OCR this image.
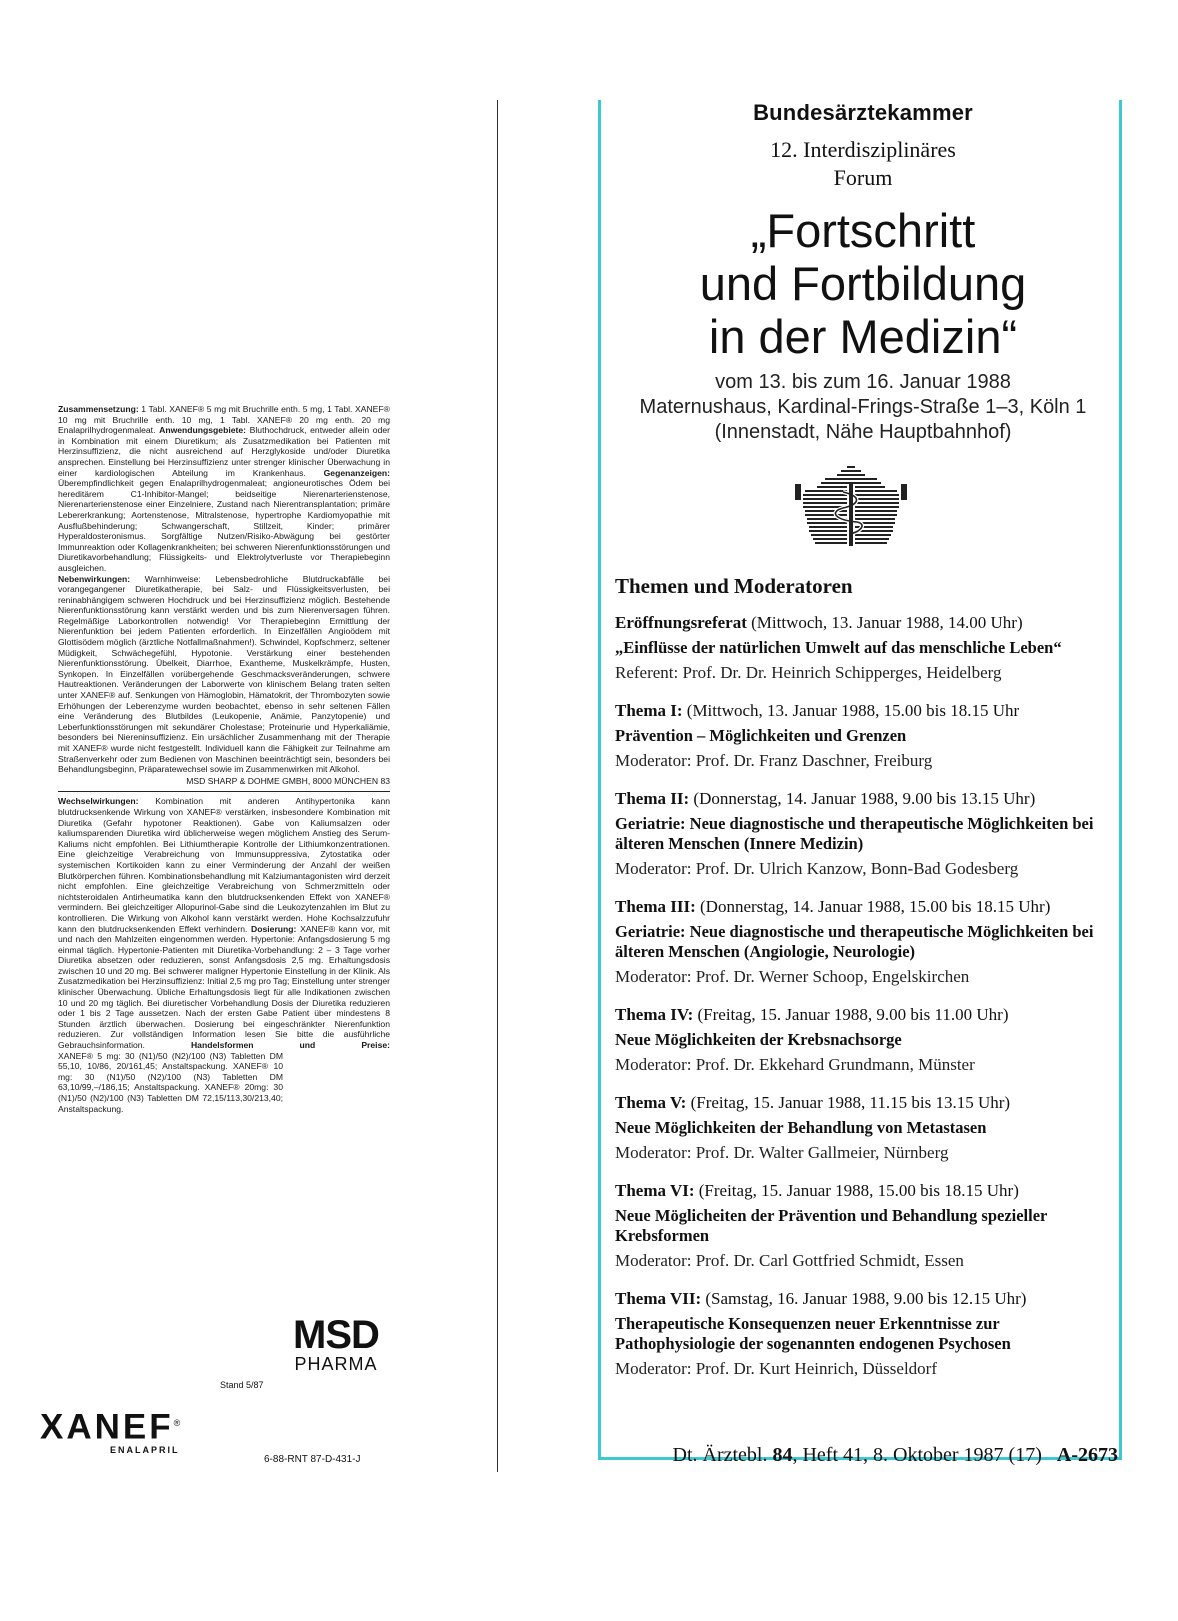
Zusammensetzung: 1 Tabl. XANEF® 5 mg mit Bruchrille enth. 5 mg, 1 Tabl. XANEF® 10 mg mit Bruchrille enth. 10 mg, 1 Tabl. XANEF® 20 mg enth. 20 mg Enalaprilhydrogenmaleat. Anwendungsgebiete: Bluthochdruck, entweder allein oder in Kombination mit einem Diuretikum; als Zusatzmedikation bei Patienten mit Herzinsuffizienz, die nicht ausreichend auf Herzglykoside und/oder Diuretika ansprechen. Einstellung bei Herzinsuffizienz unter strenger klinischer Überwachung in einer kardiologischen Abteilung im Krankenhaus. Gegenanzeigen: Überempfindlichkeit gegen Enalaprilhydrogenmaleat; angioneurotisches Ödem bei hereditärem C1-Inhibitor-Mangel; beidseitige Nierenarterienstenose, Nierenarterienstenose einer Einzelniere, Zustand nach Nierentransplantation; primäre Lebererkrankung; Aortenstenose, Mitralstenose, hypertrophe Kardiomyopathie mit Ausflußbehinderung; Schwangerschaft, Stillzeit, Kinder; primärer Hyperaldosteronismus. Sorgfältige Nutzen/Risiko-Abwägung bei gestörter Immunreaktion oder Kollagenkrankheiten; bei schweren Nierenfunktionsstörungen und Diuretikavorbehandlung; Flüssigkeits- und Elektrolytverluste vor Therapiebeginn ausgleichen.

Nebenwirkungen: Warnhinweise: Lebensbedrohliche Blutdruckabfälle bei vorangegangener Diuretikatherapie, bei Salz- und Flüssigkeitsverlusten, bei reninabhängigem schweren Hochdruck und bei Herzinsuffizienz möglich. Bestehende Nierenfunktionsstörung kann verstärkt werden und bis zum Nierenversagen führen. Regelmäßige Laborkontrollen notwendig! Vor Therapiebeginn Ermittlung der Nierenfunktion bei jedem Patienten erforderlich. In Einzelfällen Angioödem mit Glottisödem möglich (ärztliche Notfallmaßnahmen!). Schwindel, Kopfschmerz, seltener Müdigkeit, Schwächegefühl, Hypotonie. Verstärkung einer bestehenden Nierenfunktionsstörung. Übelkeit, Diarrhoe, Exantheme, Muskelkrämpfe, Husten, Synkopen. In Einzelfällen vorübergehende Geschmacksveränderungen, schwere Hautreaktionen. Veränderungen der Laborwerte von klinischem Belang traten selten unter XANEF® auf. Senkungen von Hämoglobin, Hämatokrit, der Thrombozyten sowie Erhöhungen der Leberenzyme wurden beobachtet, ebenso in sehr seltenen Fällen eine Veränderung des Blutbildes (Leukopenie, Anämie, Panzytopenie) und Leberfunktionsstörungen mit sekundärer Cholestase; Proteinurie und Hyperkaliämie, besonders bei Niereninsuffizienz. Ein ursächlicher Zusammenhang mit der Therapie mit XANEF® wurde nicht festgestellt. Individuell kann die Fähigkeit zur Teilnahme am Straßenverkehr oder zum Bedienen von Maschinen beeinträchtigt sein, besonders bei Behandlungsbeginn, Präparatewechsel sowie im Zusammenwirken mit Alkohol.

MSD SHARP & DOHME GMBH, 8000 MÜNCHEN 83

Wechselwirkungen: Kombination mit anderen Antihypertonika kann blutdrucksenkende Wirkung von XANEF® verstärken, insbesondere Kombination mit Diuretika (Gefahr hypotoner Reaktionen). Gabe von Kaliumsalzen oder kaliumsparenden Diuretika wird üblicherweise wegen möglichem Anstieg des Serum-Kaliums nicht empfohlen. Bei Lithiumtherapie Kontrolle der Lithiumkonzentrationen. Eine gleichzeitige Verabreichung von Immunsuppressiva, Zytostatika oder systemischen Kortikoiden kann zu einer Verminderung der Anzahl der weißen Blutkörperchen führen. Kombinationsbehandlung mit Kalziumantagonisten wird derzeit nicht empfohlen. Eine gleichzeitige Verabreichung von Schmerzmitteln oder nichtsteroidalen Antirheumatika kann den blutdrucksenkenden Effekt von XANEF® vermindern. Bei gleichzeitiger Allopurinol-Gabe sind die Leukozytenzahlen im Blut zu kontrollieren. Die Wirkung von Alkohol kann verstärkt werden. Hohe Kochsalzzufuhr kann den blutdrucksenkenden Effekt verhindern. Dosierung: XANEF® kann vor, mit und nach den Mahlzeiten eingenommen werden. Hypertonie: Anfangsdosierung 5 mg einmal täglich. Hypertonie-Patienten mit Diuretika-Vorbehandlung: 2 – 3 Tage vorher Diuretika absetzen oder reduzieren, sonst Anfangsdosis 2,5 mg. Erhaltungsdosis zwischen 10 und 20 mg. Bei schwerer maligner Hypertonie Einstellung in der Klinik. Als Zusatzmedikation bei Herzinsuffizienz: Initial 2,5 mg pro Tag; Einstellung unter strenger klinischer Überwachung. Übliche Erhaltungsdosis liegt für alle Indikationen zwischen 10 und 20 mg täglich. Bei diuretischer Vorbehandlung Dosis der Diuretika reduzieren oder 1 bis 2 Tage aussetzen. Nach der ersten Gabe Patient über mindestens 8 Stunden ärztlich überwachen. Dosierung bei eingeschränkter Nierenfunktion reduzieren. Zur vollständigen Information lesen Sie bitte die ausführliche Gebrauchsinformation.	Handelsformen und Preise: XANEF® 5 mg: 30 (N1)/50 (N2)/100 (N3) Tabletten DM 55,10, 10/86, 20/161,45; Anstaltspackung. XANEF® 10 mg: 30 (N1)/50 (N2)/100 (N3) Tabletten DM 63,10/99,–/186,15; Anstaltspackung. XANEF® 20mg: 30 (N1)/50 (N2)/100 (N3) Tabletten DM 72,15/113,30/213,40; Anstaltspackung.

MSD
PHARMA
Stand 5/87
XANEF®
ENALAPRIL
6-88-RNT 87-D-431-J
Bundesärztekammer
12. Interdisziplinäres
Forum
„Fortschritt
und Fortbildung
in der Medizin“
vom 13. bis zum 16. Januar 1988
Maternushaus, Kardinal-Frings-Straße 1–3, Köln 1
(Innenstadt, Nähe Hauptbahnhof)
Themen und Moderatoren
Eröffnungsreferat (Mittwoch, 13. Januar 1988, 14.00 Uhr)
„Einflüsse der natürlichen Umwelt auf das menschliche Leben“
Referent: Prof. Dr. Dr. Heinrich Schipperges, Heidelberg
Thema I: (Mittwoch, 13. Januar 1988, 15.00 bis 18.15 Uhr
Prävention – Möglichkeiten und Grenzen
Moderator: Prof. Dr. Franz Daschner, Freiburg
Thema II: (Donnerstag, 14. Januar 1988, 9.00 bis 13.15 Uhr)
Geriatrie: Neue diagnostische und therapeutische Möglichkeiten bei älteren Menschen (Innere Medizin)
Moderator: Prof. Dr. Ulrich Kanzow, Bonn-Bad Godesberg
Thema III: (Donnerstag, 14. Januar 1988, 15.00 bis 18.15 Uhr)
Geriatrie: Neue diagnostische und therapeutische Möglichkeiten bei älteren Menschen (Angiologie, Neurologie)
Moderator: Prof. Dr. Werner Schoop, Engelskirchen
Thema IV: (Freitag, 15. Januar 1988, 9.00 bis 11.00 Uhr)
Neue Möglichkeiten der Krebsnachsorge
Moderator: Prof. Dr. Ekkehard Grundmann, Münster
Thema V: (Freitag, 15. Januar 1988, 11.15 bis 13.15 Uhr)
Neue Möglichkeiten der Behandlung von Metastasen
Moderator: Prof. Dr. Walter Gallmeier, Nürnberg
Thema VI: (Freitag, 15. Januar 1988, 15.00 bis 18.15 Uhr)
Neue Möglicheiten der Prävention und Behandlung spezieller Krebsformen
Moderator: Prof. Dr. Carl Gottfried Schmidt, Essen
Thema VII: (Samstag, 16. Januar 1988, 9.00 bis 12.15 Uhr)
Therapeutische Konsequenzen neuer Erkenntnisse zur Pathophysiologie der sogenannten endogenen Psychosen
Moderator: Prof. Dr. Kurt Heinrich, Düsseldorf
Dt. Ärztebl. 84, Heft 41, 8. Oktober 1987 (17) A-2673
